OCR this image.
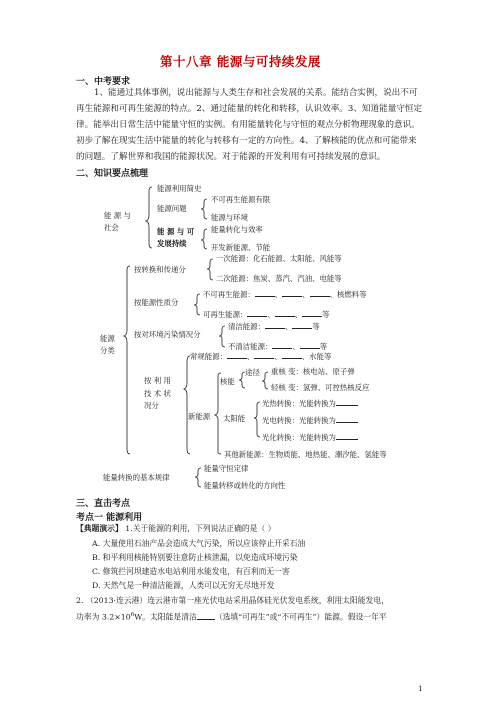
第十八章 能源与可持续发展
一、中考要求
1、能通过具体事例，说出能源与人类生存和社会发展的关系。能结合实例，说出不可
再生能源和可再生能源的特点。2、通过能量的转化和转移，认识效率。3、知道能量守恒定
律。能举出日常生活中能量守恒的实例。有用能量转化与守恒的观点分析物理现象的意识。
初步了解在现实生活中能量的转化与转移有一定的方向性。4、了解核能的优点和可能带来
的问题。了解世界和我国的能源状况。对于能源的开发利用有可持续发展的意识。
二、知识要点梳理
能 源 与
社会
能源利用简史
能源问题
不可再生能源有限
能源与环境
能 源 与 可
发展持续
能量转化与效率
开发新能源、节能
能源
分类
按转换和传递分
一次能源：化石能源、太阳能、风能等
二次能源：焦炭、蒸汽、汽油、电能等
按能源性质分
不可再生能源：	、	、	、核燃料等
可再生能源：	、	、	等
按对环境污染情况分
清洁能源：	、	等
不清洁能源：	、	等
按 利 用
技 术 状
况分
常规能源：	、	、	、水能等
新能源
核能
途径 重核 变：核电站、原子弹
轻核 变：氢弹、可控热核反应
太阳能
光热转换：光能转换为
光电转换：光能转换为
光化转换：光能转换为
其他新能源：生物质能、地热能、潮汐能、氢能等
能量转换的基本规律
能量守恒定律
能量转移或转化的方向性
三、直击考点
考点一 能源利用
【典题演示】 1.关于能源的利用，下列说法正确的是（ ）
A. 大量使用石油产品会造成大气污染，所以应该停止开采石油
B. 和平利用核能特别要注意防止核泄漏，以免造成环境污染
C. 修筑拦河坝建造水电站利用水能发电，有百利而无一害
D. 天然气是一种清洁能源，人类可以无穷无尽地开发
2. （2013·连云港）连云港市第一座光伏电站采用晶体硅光伏发电系统，利用太阳能发电，
功率为 $3.2\times 10^6W$。太阳能是清洁 （选填“可再生”或“不可再生”）能源。假设一年平
1
